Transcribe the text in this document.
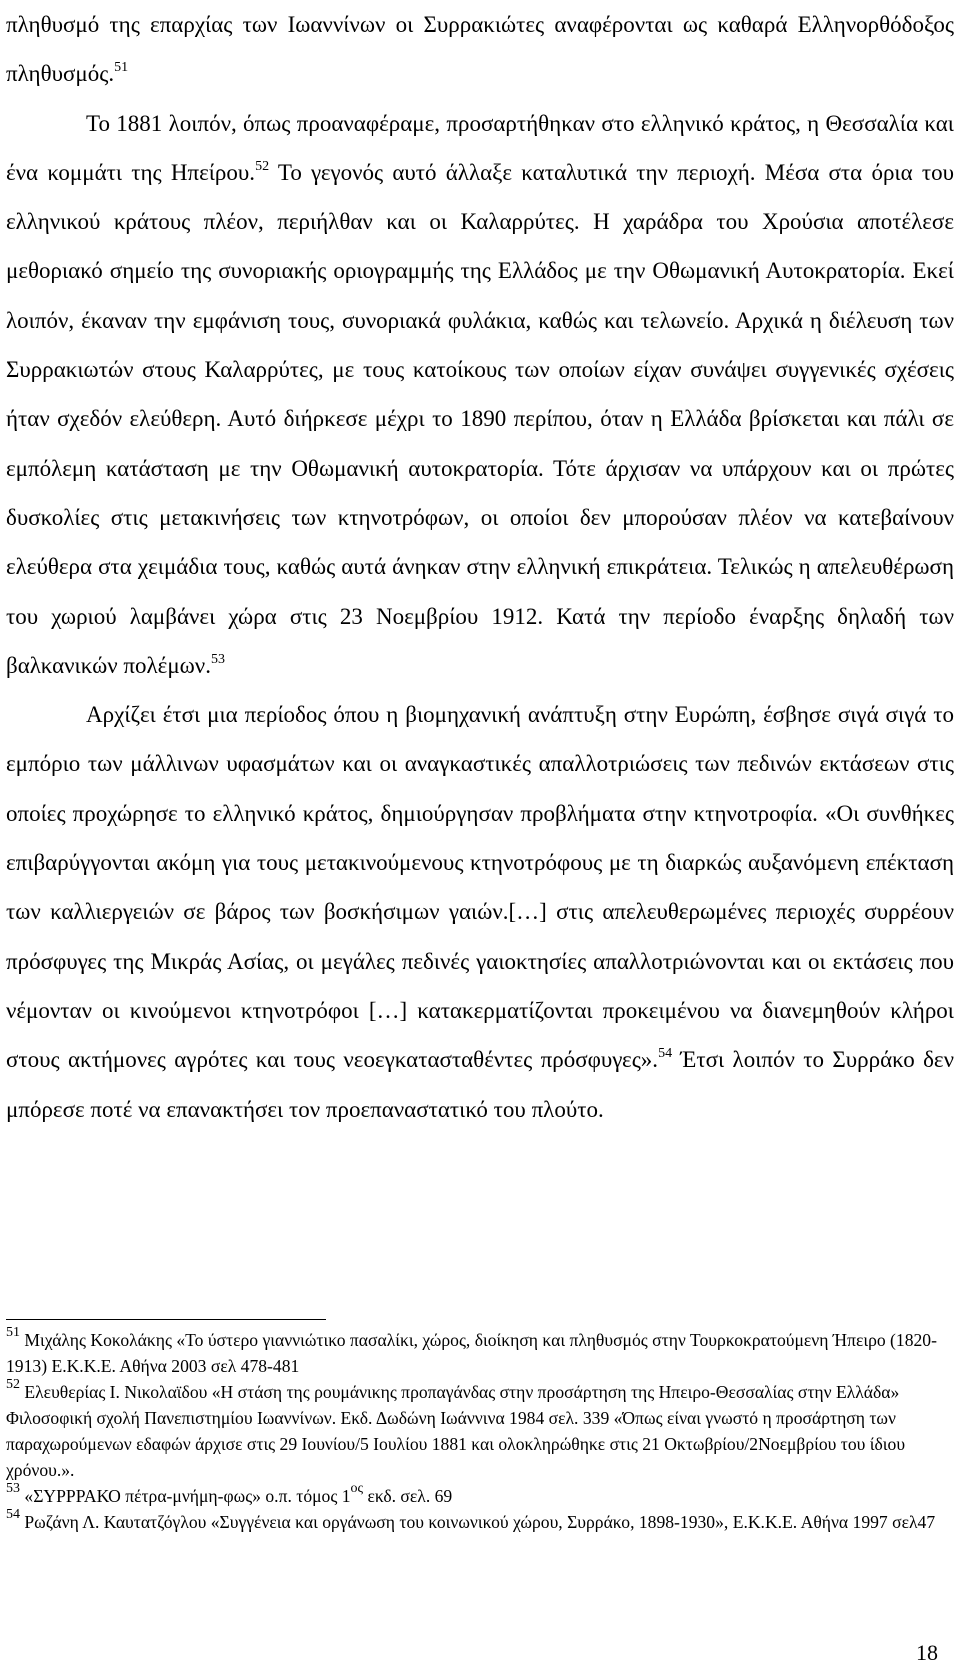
πληθυσμό της επαρχίας των Ιωαννίνων οι Συρρακιώτες αναφέρονται ως καθαρά Ελληνορθόδοξος πληθυσμός.$^{51}$

Το 1881 λοιπόν, όπως προαναφέραμε, προσαρτήθηκαν στο ελληνικό κράτος, η Θεσσαλία και ένα κομμάτι της Ηπείρου.$^{52}$ Το γεγονός αυτό άλλαξε καταλυτικά την περιοχή. Μέσα στα όρια του ελληνικού κράτους πλέον, περιήλθαν και οι Καλαρρύτες. Η χαράδρα του Χρούσια αποτέλεσε μεθοριακό σημείο της συνοριακής οριογραμμής της Ελλάδος με την Οθωμανική Αυτοκρατορία. Εκεί λοιπόν, έκαναν την εμφάνιση τους, συνοριακά φυλάκια, καθώς και τελωνείο. Αρχικά η διέλευση των Συρρακιωτών στους Καλαρρύτες, με τους κατοίκους των οποίων είχαν συνάψει συγγενικές σχέσεις ήταν σχεδόν ελεύθερη. Αυτό διήρκεσε μέχρι το 1890 περίπου, όταν η Ελλάδα βρίσκεται και πάλι σε εμπόλεμη κατάσταση με την Οθωμανική αυτοκρατορία. Τότε άρχισαν να υπάρχουν και οι πρώτες δυσκολίες στις μετακινήσεις των κτηνοτρόφων, οι οποίοι δεν μπορούσαν πλέον να κατεβαίνουν ελεύθερα στα χειμάδια τους, καθώς αυτά άνηκαν στην ελληνική επικράτεια. Τελικώς η απελευθέρωση του χωριού λαμβάνει χώρα στις 23 Νοεμβρίου 1912. Κατά την περίοδο έναρξης δηλαδή των βαλκανικών πολέμων.$^{53}$

Αρχίζει έτσι μια περίοδος όπου η βιομηχανική ανάπτυξη στην Ευρώπη, έσβησε σιγά σιγά το εμπόριο των μάλλινων υφασμάτων και οι αναγκαστικές απαλλοτριώσεις των πεδινών εκτάσεων στις οποίες προχώρησε το ελληνικό κράτος, δημιούργησαν προβλήματα στην κτηνοτροφία. «Οι συνθήκες επιβαρύγγονται ακόμη για τους μετακινούμενους κτηνοτρόφους με τη διαρκώς αυξανόμενη επέκταση των καλλιεργειών σε βάρος των βοσκήσιμων γαιών.[…] στις απελευθερωμένες περιοχές συρρέουν πρόσφυγες της Μικράς Ασίας, οι μεγάλες πεδινές γαιοκτησίες απαλλοτριώνονται και οι εκτάσεις που νέμονταν οι κινούμενοι κτηνοτρόφοι […] κατακερματίζονται προκειμένου να διανεμηθούν κλήροι στους ακτήμονες αγρότες και τους νεοεγκατασταθέντες πρόσφυγες».$^{54}$ Έτσι λοιπόν το Συρράκο δεν μπόρεσε ποτέ να επανακτήσει τον προεπαναστατικό του πλούτο.

$^{51}$ Μιχάλης Κοκολάκης «Το ύστερο γιαννιώτικο πασαλίκι, χώρος, διοίκηση και πληθυσμός στην Τουρκοκρατούμενη Ήπειρο (1820-1913) Ε.Κ.Κ.Ε. Αθήνα 2003 σελ 478-481

$^{52}$ Ελευθερίας Ι. Νικολαϊδου «Η στάση της ρουμάνικης προπαγάνδας στην προσάρτηση της Ηπειρο-Θεσσαλίας στην Ελλάδα» Φιλοσοφική σχολή Πανεπιστημίου Ιωαννίνων. Εκδ. Δωδώνη Ιωάννινα 1984 σελ. 339 «Όπως είναι γνωστό η προσάρτηση των παραχωρούμενων εδαφών άρχισε στις 29 Ιουνίου/5 Ιουλίου 1881 και ολοκληρώθηκε στις 21 Οκτωβρίου/2Νοεμβρίου του ίδιου χρόνου.».

$^{53}$ «ΣΥΡΡΡΑΚΟ πέτρα-μνήμη-φως» ο.π. τόμος $1^{o\varsigma}$ εκδ. σελ. 69

$^{54}$ Ρωζάνη Λ. Καυτατζόγλου «Συγγένεια και οργάνωση του κοινωνικού χώρου, Συρράκο, 1898-1930», Ε.Κ.Κ.Ε. Αθήνα 1997 σελ47

18
